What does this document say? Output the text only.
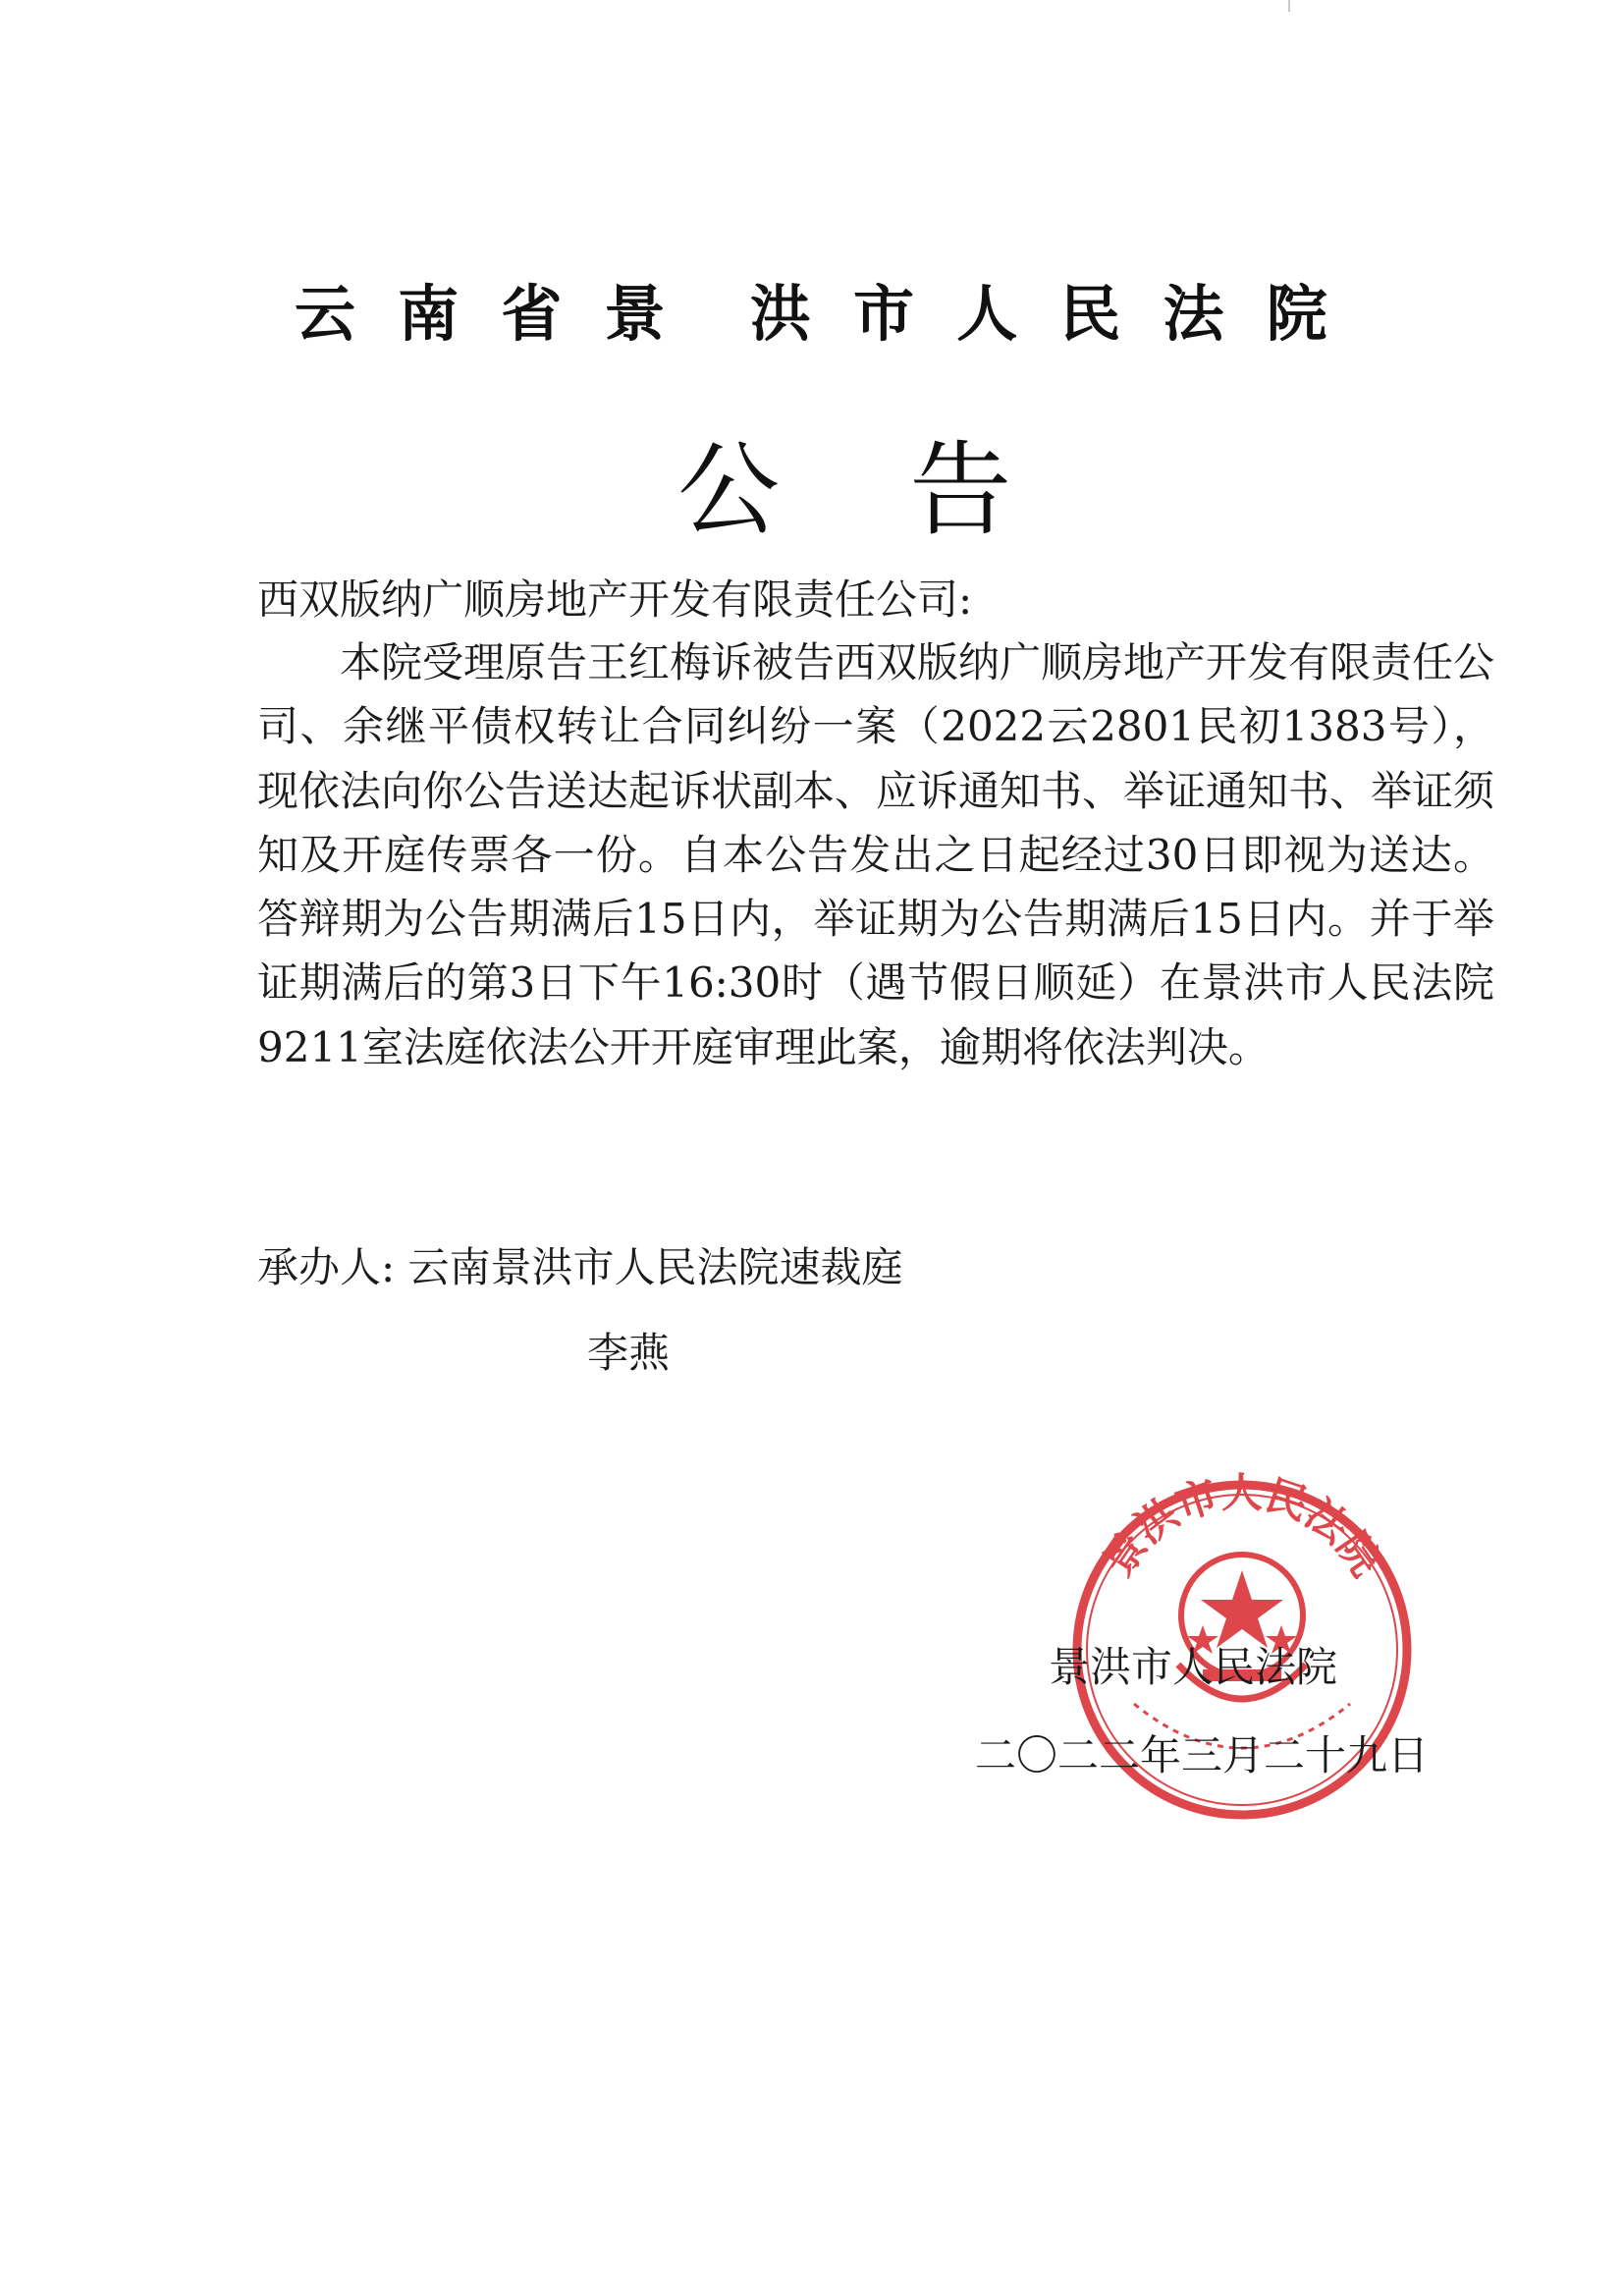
云  南  省  景    洪  市  人  民  法  院
公    告
西双版纳广顺房地产开发有限责任公司:

本院受理原告王红梅诉被告西双版纳广顺房地产开发有限责任公司、余继平债权转让合同纠纷一案（2022云2801民初1383号），现依法向你公告送达起诉状副本、应诉通知书、举证通知书、举证须知及开庭传票各一份。自本公告发出之日起经过30日即视为送达。答辩期为公告期满后15日内，举证期为公告期满后15日内。并于举证期满后的第3日下午16:30时（遇节假日顺延）在景洪市人民法院9211室法庭依法公开开庭审理此案，逾期将依法判决。

承办人: 云南景洪市人民法院速裁庭
李燕
景洪市人民法院
景洪市人民法院
二〇二二年三月二十九日
